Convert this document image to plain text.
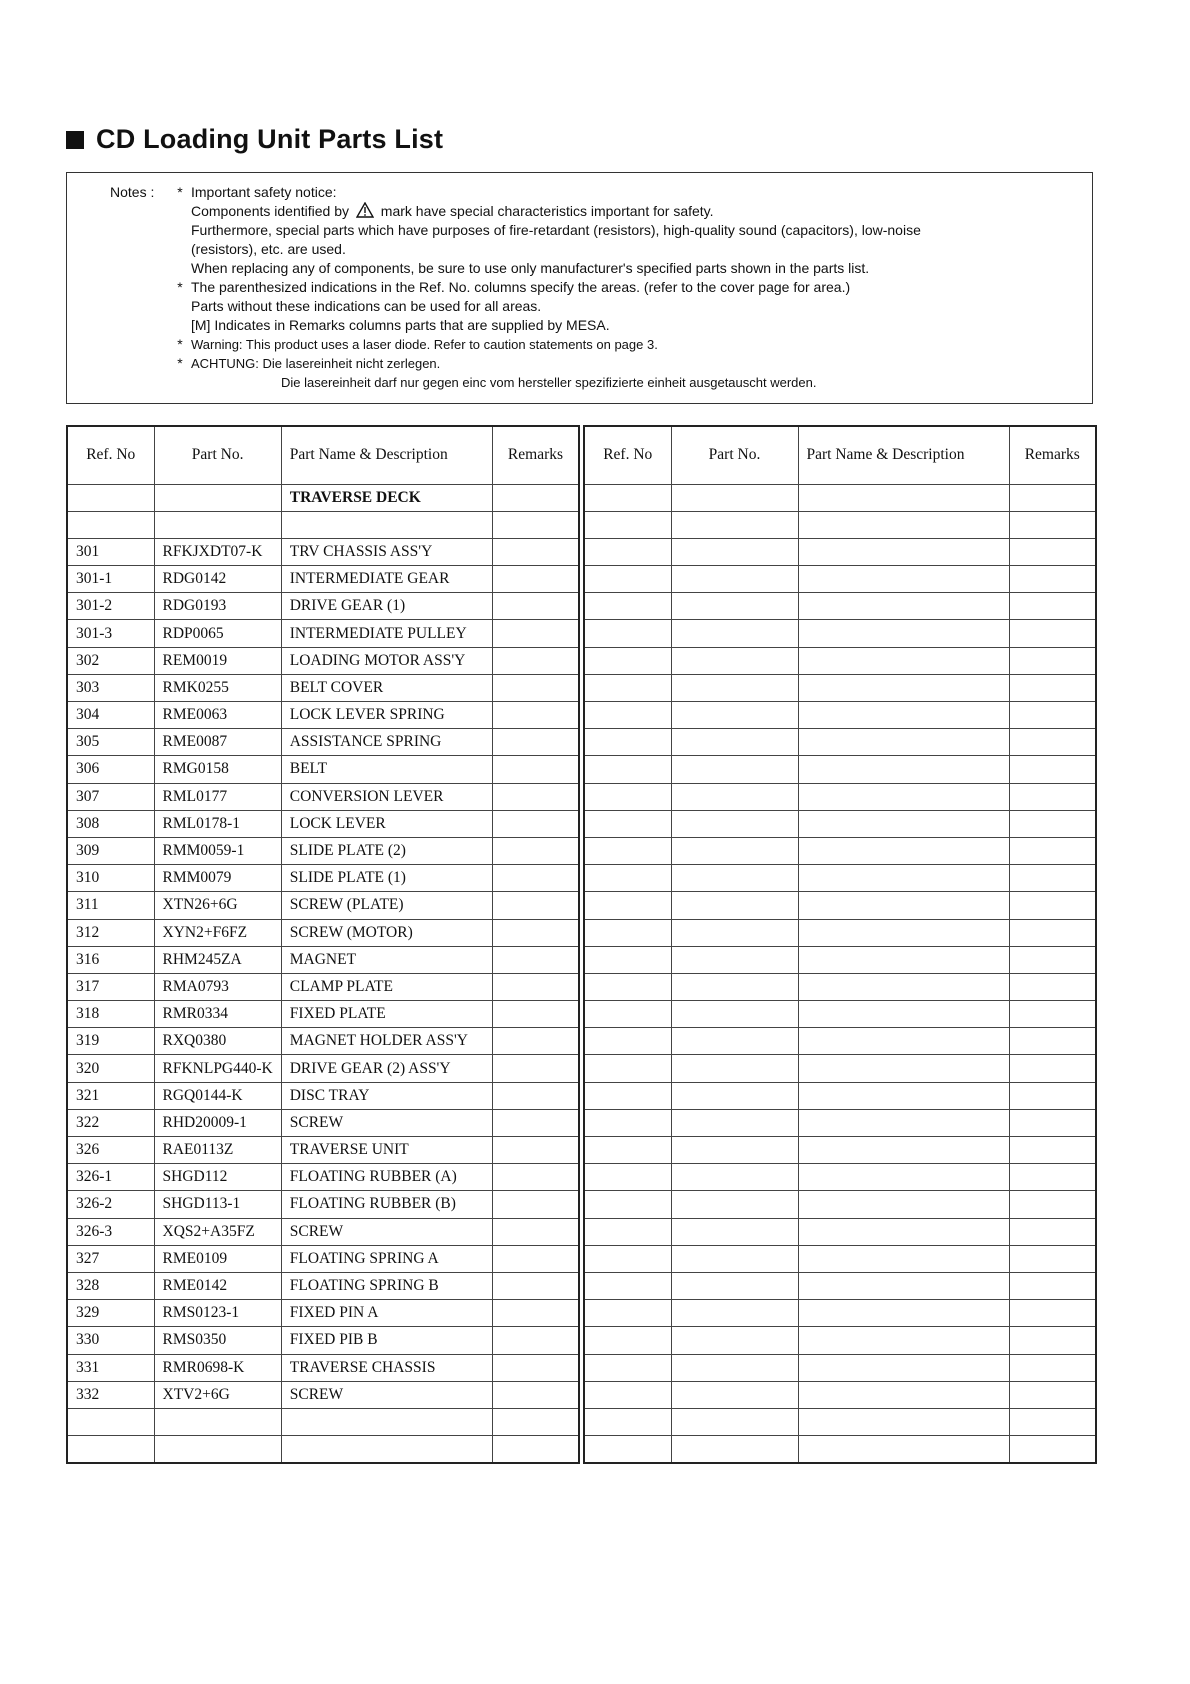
CD Loading Unit Parts List
Notes : * Important safety notice:
Components identified by mark have special characteristics important for safety.
Furthermore, special parts which have purposes of fire-retardant (resistors), high-quality sound (capacitors), low-noise
(resistors), etc. are used.
When replacing any of components, be sure to use only manufacturer's specified parts shown in the parts list.
* The parenthesized indications in the Ref. No. columns specify the areas. (refer to the cover page for area.)
Parts without these indications can be used for all areas.
[M] Indicates in Remarks columns parts that are supplied by MESA.
* Warning: This product uses a laser diode. Refer to caution statements on page 3.
* ACHTUNG: Die lasereinheit nicht zerlegen.
Die lasereinheit darf nur gegen einc vom hersteller spezifizierte einheit ausgetauscht werden.
Ref. No	Part No.	Part Name & Description	Remarks
		TRAVERSE DECK	

301	RFKJXDT07-K	TRV CHASSIS ASS'Y	
301-1	RDG0142	INTERMEDIATE GEAR	
301-2	RDG0193	DRIVE GEAR (1)	
301-3	RDP0065	INTERMEDIATE PULLEY	
302	REM0019	LOADING MOTOR ASS'Y	
303	RMK0255	BELT COVER	
304	RME0063	LOCK LEVER SPRING	
305	RME0087	ASSISTANCE SPRING	
306	RMG0158	BELT	
307	RML0177	CONVERSION LEVER	
308	RML0178-1	LOCK LEVER	
309	RMM0059-1	SLIDE PLATE (2)	
310	RMM0079	SLIDE PLATE (1)	
311	XTN26+6G	SCREW (PLATE)	
312	XYN2+F6FZ	SCREW (MOTOR)	
316	RHM245ZA	MAGNET	
317	RMA0793	CLAMP PLATE	
318	RMR0334	FIXED PLATE	
319	RXQ0380	MAGNET HOLDER ASS'Y	
320	RFKNLPG440-K	DRIVE GEAR (2) ASS'Y	
321	RGQ0144-K	DISC TRAY	
322	RHD20009-1	SCREW	
326	RAE0113Z	TRAVERSE UNIT	
326-1	SHGD112	FLOATING RUBBER (A)	
326-2	SHGD113-1	FLOATING RUBBER (B)	
326-3	XQS2+A35FZ	SCREW	
327	RME0109	FLOATING SPRING A	
328	RME0142	FLOATING SPRING B	
329	RMS0123-1	FIXED PIN A	
330	RMS0350	FIXED PIB B	
331	RMR0698-K	TRAVERSE CHASSIS	
332	XTV2+6G	SCREW	

Ref. No	Part No.	Part Name & Description	Remarks
